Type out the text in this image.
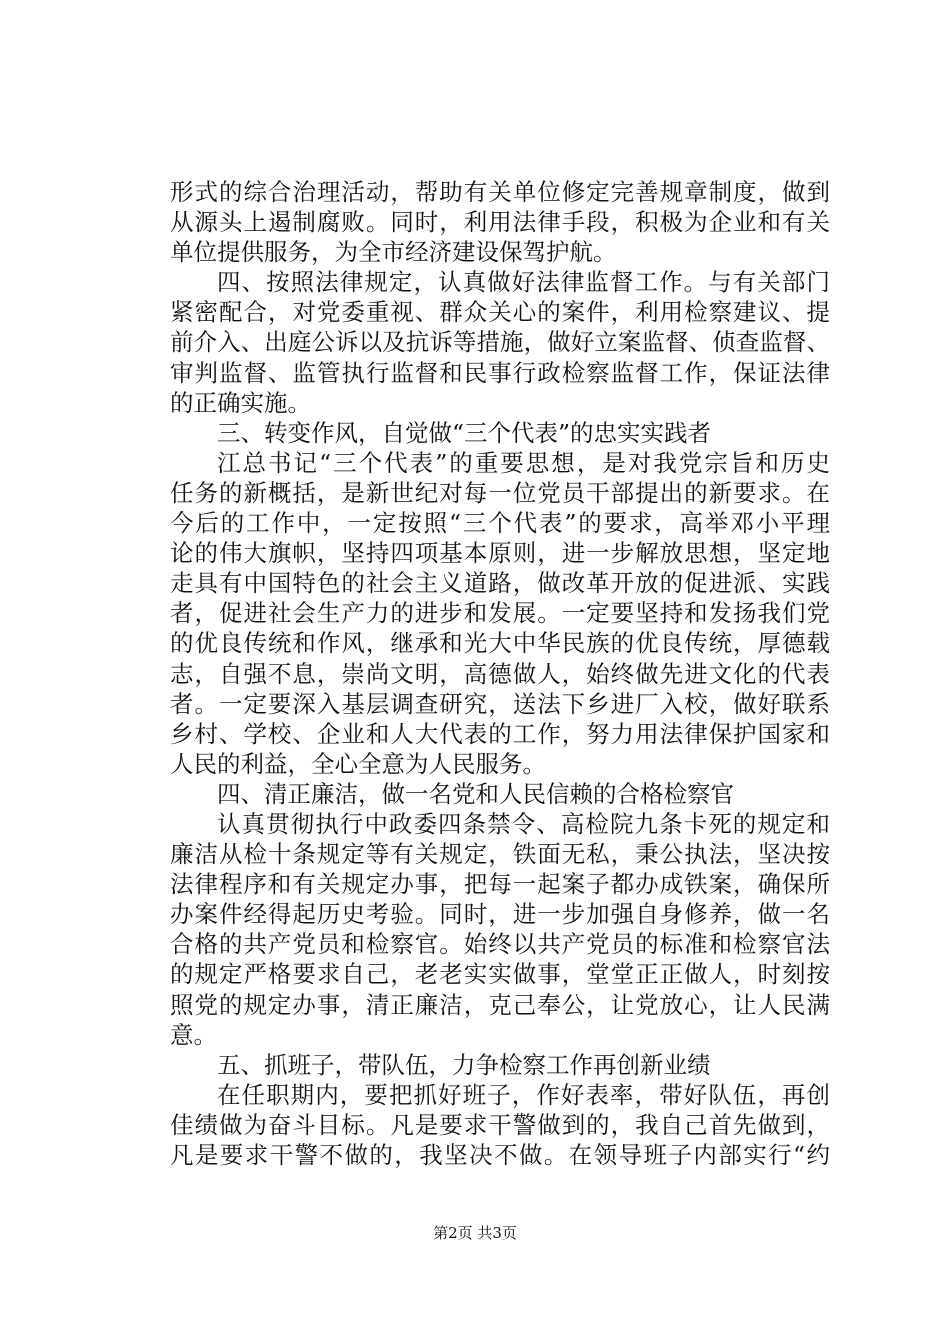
形式的综合治理活动，帮助有关单位修定完善规章制度，做到
从源头上遏制腐败。同时，利用法律手段，积极为企业和有关
单位提供服务，为全市经济建设保驾护航。
四、按照法律规定，认真做好法律监督工作。与有关部门
紧密配合，对党委重视、群众关心的案件，利用检察建议、提
前介入、出庭公诉以及抗诉等措施，做好立案监督、侦查监督、
审判监督、监管执行监督和民事行政检察监督工作，保证法律
的正确实施。
三、转变作风，自觉做“三个代表”的忠实实践者
江总书记“三个代表”的重要思想，是对我党宗旨和历史
任务的新概括，是新世纪对每一位党员干部提出的新要求。在
今后的工作中，一定按照“三个代表”的要求，高举邓小平理
论的伟大旗帜，坚持四项基本原则，进一步解放思想，坚定地
走具有中国特色的社会主义道路，做改革开放的促进派、实践
者，促进社会生产力的进步和发展。一定要坚持和发扬我们党
的优良传统和作风，继承和光大中华民族的优良传统，厚德载
志，自强不息，崇尚文明，高德做人，始终做先进文化的代表
者。一定要深入基层调查研究，送法下乡进厂入校，做好联系
乡村、学校、企业和人大代表的工作，努力用法律保护国家和
人民的利益，全心全意为人民服务。
四、清正廉洁，做一名党和人民信赖的合格检察官
认真贯彻执行中政委四条禁令、高检院九条卡死的规定和
廉洁从检十条规定等有关规定，铁面无私，秉公执法，坚决按
法律程序和有关规定办事，把每一起案子都办成铁案，确保所
办案件经得起历史考验。同时，进一步加强自身修养，做一名
合格的共产党员和检察官。始终以共产党员的标准和检察官法
的规定严格要求自己，老老实实做事，堂堂正正做人，时刻按
照党的规定办事，清正廉洁，克己奉公，让党放心，让人民满
意。
五、抓班子，带队伍，力争检察工作再创新业绩
在任职期内，要把抓好班子，作好表率，带好队伍，再创
佳绩做为奋斗目标。凡是要求干警做到的，我自己首先做到，
凡是要求干警不做的，我坚决不做。在领导班子内部实行“约
第2页 共3页
